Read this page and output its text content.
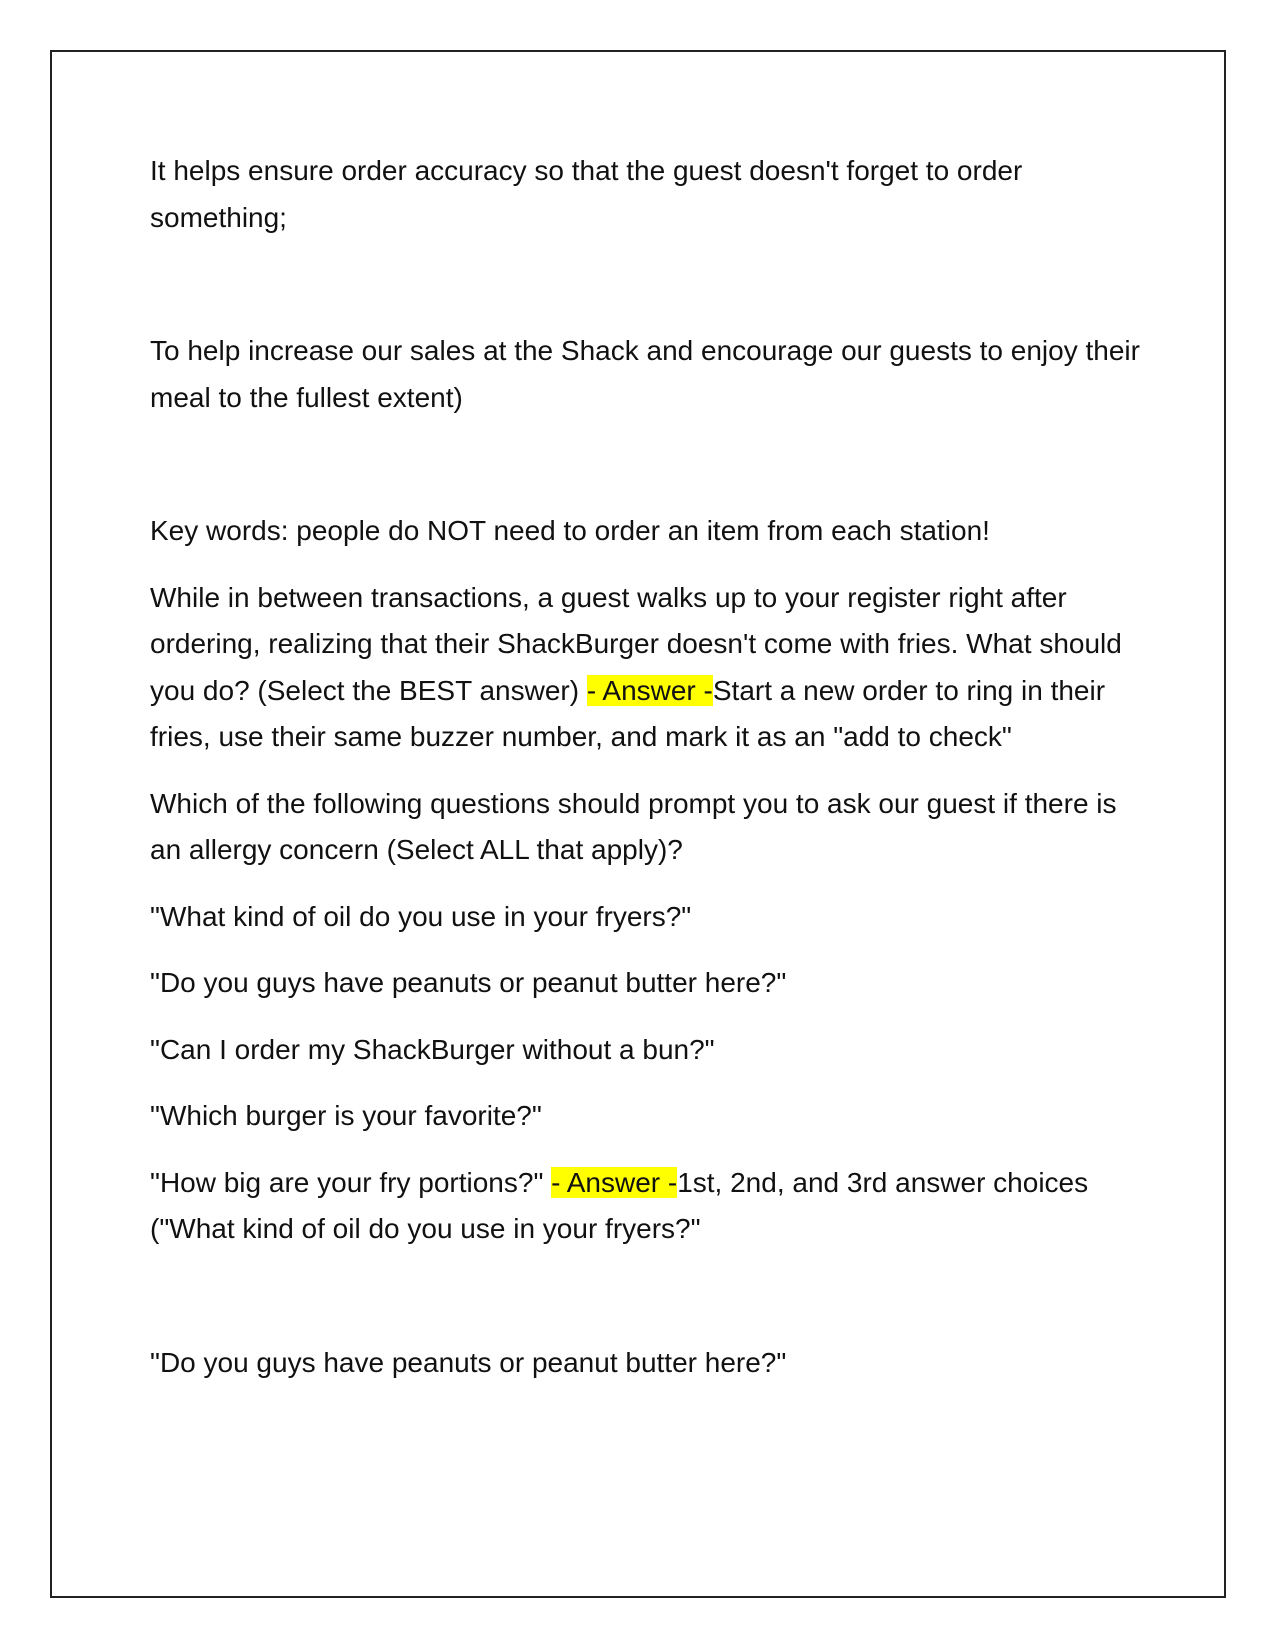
It helps ensure order accuracy so that the guest doesn't forget to order something;

To help increase our sales at the Shack and encourage our guests to enjoy their meal to the fullest extent)

Key words: people do NOT need to order an item from each station!

While in between transactions, a guest walks up to your register right after ordering, realizing that their ShackBurger doesn't come with fries. What should you do? (Select the BEST answer) - Answer -Start a new order to ring in their fries, use their same buzzer number, and mark it as an "add to check"

Which of the following questions should prompt you to ask our guest if there is an allergy concern (Select ALL that apply)?

"What kind of oil do you use in your fryers?"

"Do you guys have peanuts or peanut butter here?"

"Can I order my ShackBurger without a bun?"

"Which burger is your favorite?"

"How big are your fry portions?" - Answer -1st, 2nd, and 3rd answer choices ("What kind of oil do you use in your fryers?"

"Do you guys have peanuts or peanut butter here?"
